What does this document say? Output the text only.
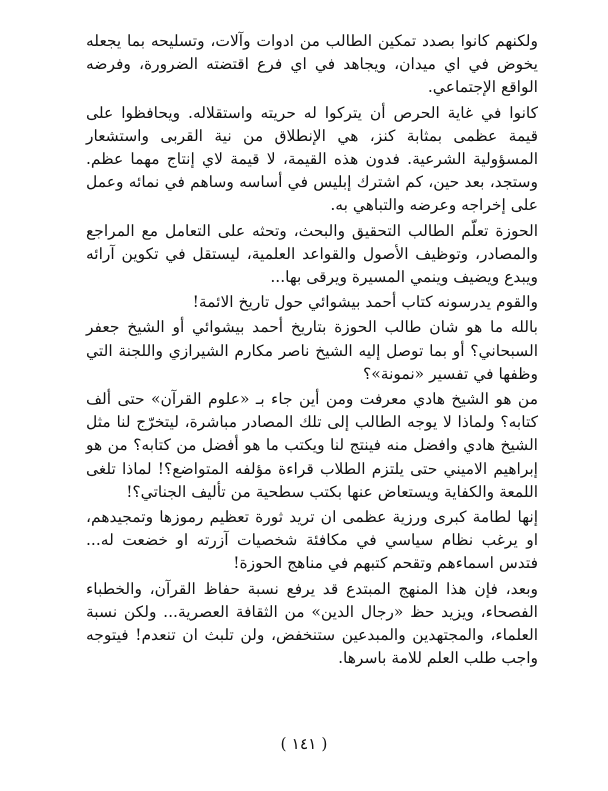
ولكنهم كانوا بصدد تمكين الطالب من ادوات وآلات، وتسليحه بما يجعله يخوض في اي ميدان، ويجاهد في اي فرع اقتضته الضرورة، وفرضه الواقع الإجتماعي.

كانوا في غاية الحرص أن يتركوا له حريته واستقلاله. ويحافظوا على قيمة عظمى بمثابة كنز، هي الإنطلاق من نية القربى واستشعار المسؤولية الشرعية. فدون هذه القيمة، لا قيمة لاي إنتاج مهما عظم. وستجد، بعد حين، كم اشترك إبليس في أساسه وساهم في نمائه وعمل على إخراجه وعرضه والتباهي به.

الحوزة تعلّم الطالب التحقيق والبحث، وتحثه على التعامل مع المراجع والمصادر، وتوظيف الأصول والقواعد العلمية، ليستقل في تكوين آرائه ويبدع ويضيف وينمي المسيرة ويرقى بها...

والقوم يدرسونه كتاب أحمد بيشوائي حول تاريخ الائمة!

بالله ما هو شان طالب الحوزة بتاريخ أحمد بيشوائي أو الشيخ جعفر السبحاني؟ أو بما توصل إليه الشيخ ناصر مكارم الشيرازي واللجنة التي وظفها في تفسير «نمونة»؟

من هو الشيخ هادي معرفت ومن أين جاء بـ «علوم القرآن» حتى ألف كتابه؟ ولماذا لا يوجه الطالب إلى تلك المصادر مباشرة، ليتخرّج لنا مثل الشيخ هادي وافضل منه فينتج لنا ويكتب ما هو أفضل من كتابه؟ من هو إبراهيم الاميني حتى يلتزم الطلاب قراءة مؤلفه المتواضع؟! لماذا تلغى اللمعة والكفاية ويستعاض عنها بكتب سطحية من تأليف الجناتي؟!

إنها لطامة كبرى ورزية عظمى ان تريد ثورة تعظيم رموزها وتمجيدهم، او يرغب نظام سياسي في مكافئة شخصيات آزرته او خضعت له... فتدس اسماءهم وتقحم كتبهم في مناهج الحوزة!

وبعد، فإن هذا المنهج المبتدع قد يرفع نسبة حفاظ القرآن، والخطباء الفصحاء، ويزيد حظ «رجال الدين» من الثقافة العصرية... ولكن نسبة العلماء، والمجتهدين والمبدعين ستنخفض، ولن تلبث ان تنعدم! فيتوجه واجب طلب العلم للامة باسرها.

( ١٤١ )
